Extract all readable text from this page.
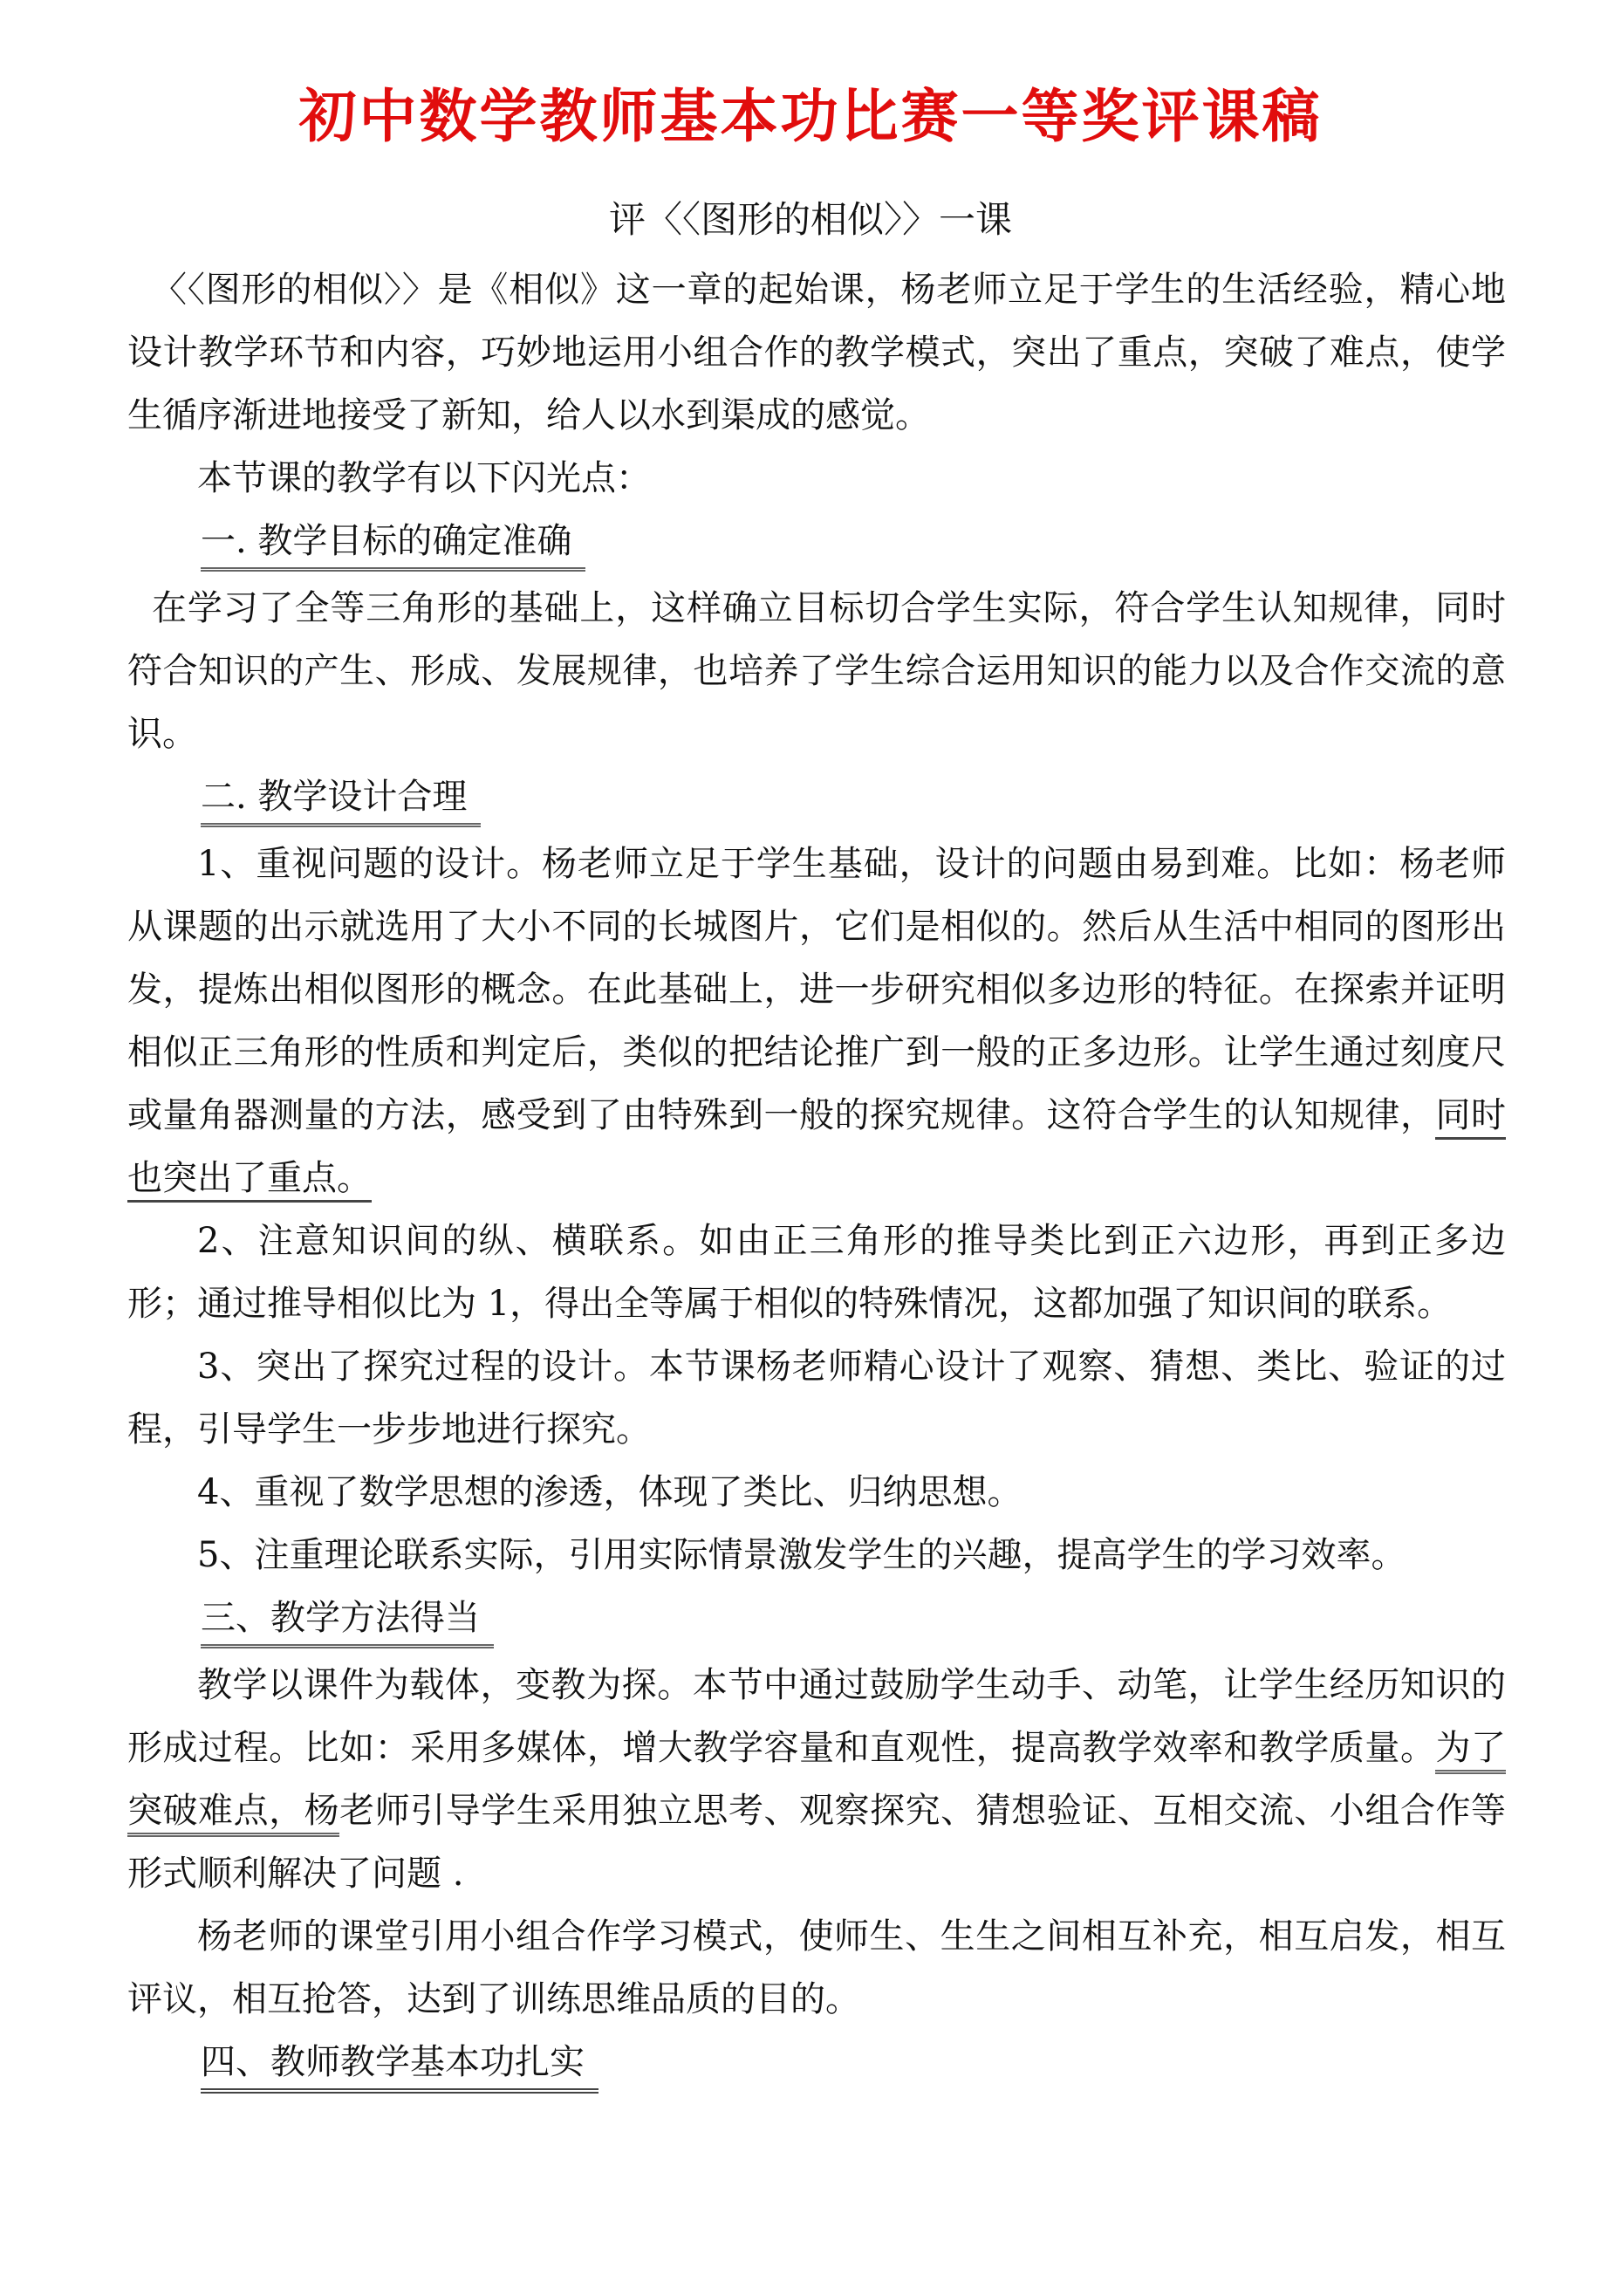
初中数学教师基本功比赛一等奖评课稿
评〈〈图形的相似〉〉一课

〈〈图形的相似〉〉是《相似》这一章的起始课，杨老师立足于学生的生活经验，精心地设计教学环节和内容，巧妙地运用小组合作的教学模式，突出了重点，突破了难点，使学生循序渐进地接受了新知，给人以水到渠成的感觉。

本节课的教学有以下闪光点：

一. 教学目标的确定准确

在学习了全等三角形的基础上，这样确立目标切合学生实际，符合学生认知规律，同时符合知识的产生、形成、发展规律，也培养了学生综合运用知识的能力以及合作交流的意识。

二. 教学设计合理

1、重视问题的设计。杨老师立足于学生基础，设计的问题由易到难。比如：杨老师从课题的出示就选用了大小不同的长城图片，它们是相似的。然后从生活中相同的图形出发，提炼出相似图形的概念。在此基础上，进一步研究相似多边形的特征。在探索并证明相似正三角形的性质和判定后，类似的把结论推广到一般的正多边形。让学生通过刻度尺或量角器测量的方法，感受到了由特殊到一般的探究规律。这符合学生的认知规律，同时也突出了重点。

2、注意知识间的纵、横联系。如由正三角形的推导类比到正六边形，再到正多边形；通过推导相似比为 1，得出全等属于相似的特殊情况，这都加强了知识间的联系。

3、突出了探究过程的设计。本节课杨老师精心设计了观察、猜想、类比、验证的过程，引导学生一步步地进行探究。

4、重视了数学思想的渗透，体现了类比、归纳思想。

5、注重理论联系实际，引用实际情景激发学生的兴趣，提高学生的学习效率。

三、教学方法得当

教学以课件为载体，变教为探。本节中通过鼓励学生动手、动笔，让学生经历知识的形成过程。比如：采用多媒体，增大教学容量和直观性，提高教学效率和教学质量。为了突破难点，杨老师引导学生采用独立思考、观察探究、猜想验证、互相交流、小组合作等形式顺利解决了问题 .

杨老师的课堂引用小组合作学习模式，使师生、生生之间相互补充，相互启发，相互评议，相互抢答，达到了训练思维品质的目的。

四、教师教学基本功扎实
